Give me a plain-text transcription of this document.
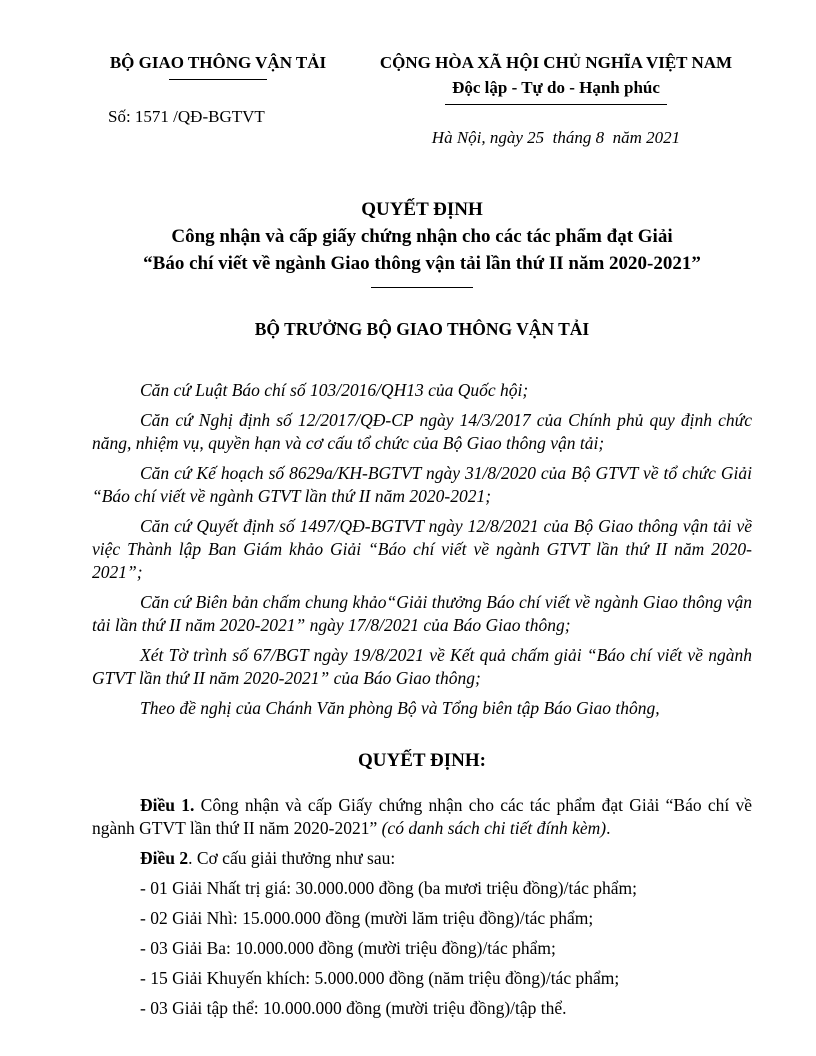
BỘ GIAO THÔNG VẬN TẢI
Số: 1571 /QĐ-BGTVT
CỘNG HÒA XÃ HỘI CHỦ NGHĨA VIỆT NAM
Độc lập - Tự do - Hạnh phúc
Hà Nội, ngày 25  tháng 8  năm 2021
QUYẾT ĐỊNH
Công nhận và cấp giấy chứng nhận cho các tác phẩm đạt Giải
“Báo chí viết về ngành Giao thông vận tải lần thứ II năm 2020-2021”
BỘ TRƯỞNG BỘ GIAO THÔNG VẬN TẢI

Căn cứ Luật Báo chí số 103/2016/QH13 của Quốc hội;

Căn cứ Nghị định số 12/2017/QĐ-CP ngày 14/3/2017 của Chính phủ quy định chức năng, nhiệm vụ, quyền hạn và cơ cấu tổ chức của Bộ Giao thông vận tải;

Căn cứ Kế hoạch số 8629a/KH-BGTVT ngày 31/8/2020 của Bộ GTVT về tổ chức Giải “Báo chí viết về ngành GTVT lần thứ II năm 2020-2021;

Căn cứ Quyết định số 1497/QĐ-BGTVT ngày 12/8/2021 của Bộ Giao thông vận tải về việc Thành lập Ban Giám khảo Giải “Báo chí viết về ngành GTVT lần thứ II năm 2020-2021”;

Căn cứ Biên bản chấm chung khảo“Giải thưởng Báo chí viết về ngành Giao thông vận tải lần thứ II năm 2020-2021” ngày 17/8/2021 của Báo Giao thông;

Xét Tờ trình số 67/BGT ngày 19/8/2021 về Kết quả chấm giải “Báo chí viết về ngành GTVT lần thứ II năm 2020-2021” của Báo Giao thông;

Theo đề nghị của Chánh Văn phòng Bộ và Tổng biên tập Báo Giao thông,

QUYẾT ĐỊNH:

Điều 1. Công nhận và cấp Giấy chứng nhận cho các tác phẩm đạt Giải “Báo chí về ngành GTVT lần thứ II năm 2020-2021” (có danh sách chi tiết đính kèm).

Điều 2. Cơ cấu giải thưởng như sau:

- 01 Giải Nhất trị giá: 30.000.000 đồng (ba mươi triệu đồng)/tác phẩm;

- 02 Giải Nhì: 15.000.000 đồng (mười lăm triệu đồng)/tác phẩm;

- 03 Giải Ba: 10.000.000 đồng (mười triệu đồng)/tác phẩm;

- 15 Giải Khuyến khích: 5.000.000 đồng (năm triệu đồng)/tác phẩm;

- 03 Giải tập thể: 10.000.000 đồng (mười triệu đồng)/tập thể.
